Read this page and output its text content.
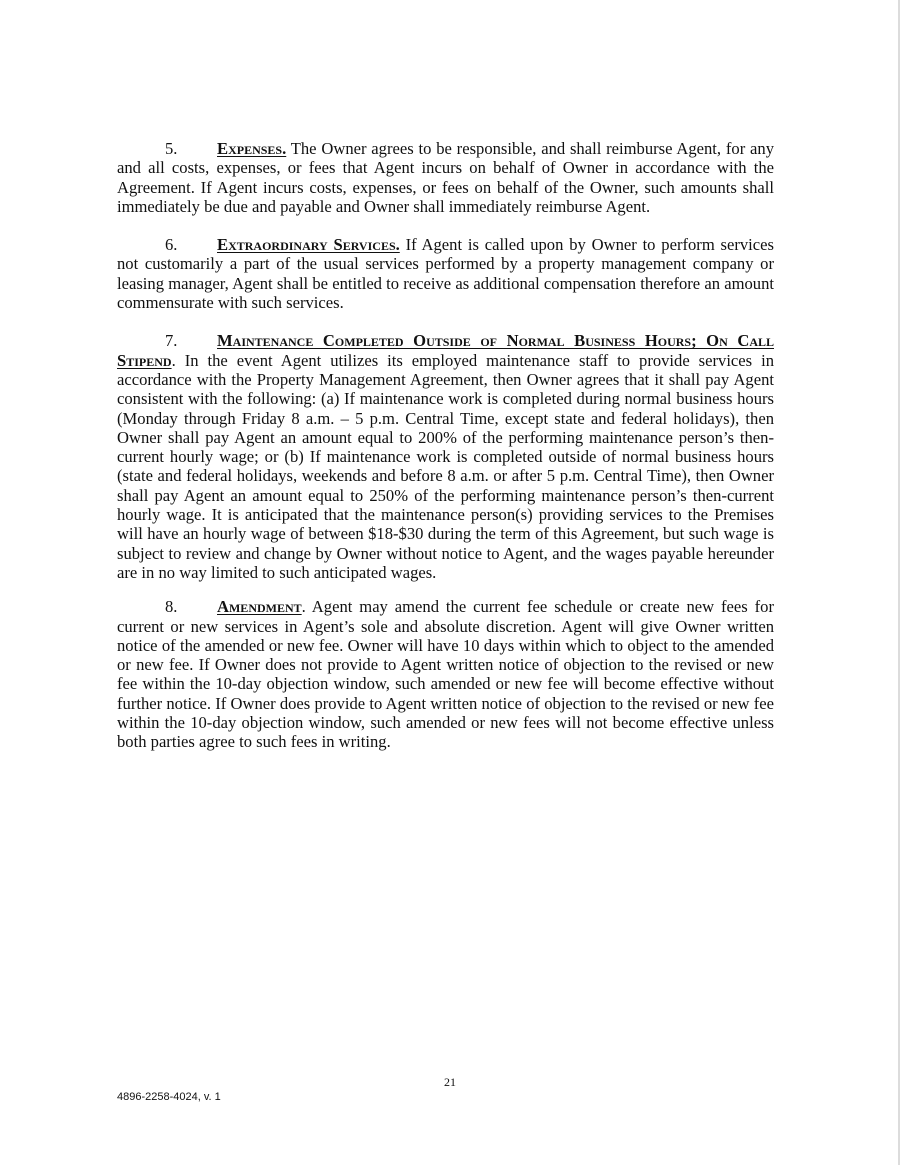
5. Expenses. The Owner agrees to be responsible, and shall reimburse Agent, for any and all costs, expenses, or fees that Agent incurs on behalf of Owner in accordance with the Agreement. If Agent incurs costs, expenses, or fees on behalf of the Owner, such amounts shall immediately be due and payable and Owner shall immediately reimburse Agent.

6. Extraordinary Services. If Agent is called upon by Owner to perform services not customarily a part of the usual services performed by a property management company or leasing manager, Agent shall be entitled to receive as additional compensation therefore an amount commensurate with such services.

7. Maintenance Completed Outside of Normal Business Hours; On Call Stipend. In the event Agent utilizes its employed maintenance staff to provide services in accordance with the Property Management Agreement, then Owner agrees that it shall pay Agent consistent with the following: (a) If maintenance work is completed during normal business hours (Monday through Friday 8 a.m. – 5 p.m. Central Time, except state and federal holidays), then Owner shall pay Agent an amount equal to 200% of the performing maintenance person’s then-current hourly wage; or (b) If maintenance work is completed outside of normal business hours (state and federal holidays, weekends and before 8 a.m. or after 5 p.m. Central Time), then Owner shall pay Agent an amount equal to 250% of the performing maintenance person’s then-current hourly wage. It is anticipated that the maintenance person(s) providing services to the Premises will have an hourly wage of between $18-$30 during the term of this Agreement, but such wage is subject to review and change by Owner without notice to Agent, and the wages payable hereunder are in no way limited to such anticipated wages.

8. Amendment. Agent may amend the current fee schedule or create new fees for current or new services in Agent’s sole and absolute discretion. Agent will give Owner written notice of the amended or new fee. Owner will have 10 days within which to object to the amended or new fee. If Owner does not provide to Agent written notice of objection to the revised or new fee within the 10-day objection window, such amended or new fee will become effective without further notice. If Owner does provide to Agent written notice of objection to the revised or new fee within the 10-day objection window, such amended or new fees will not become effective unless both parties agree to such fees in writing.

21
4896-2258-4024, v. 1
